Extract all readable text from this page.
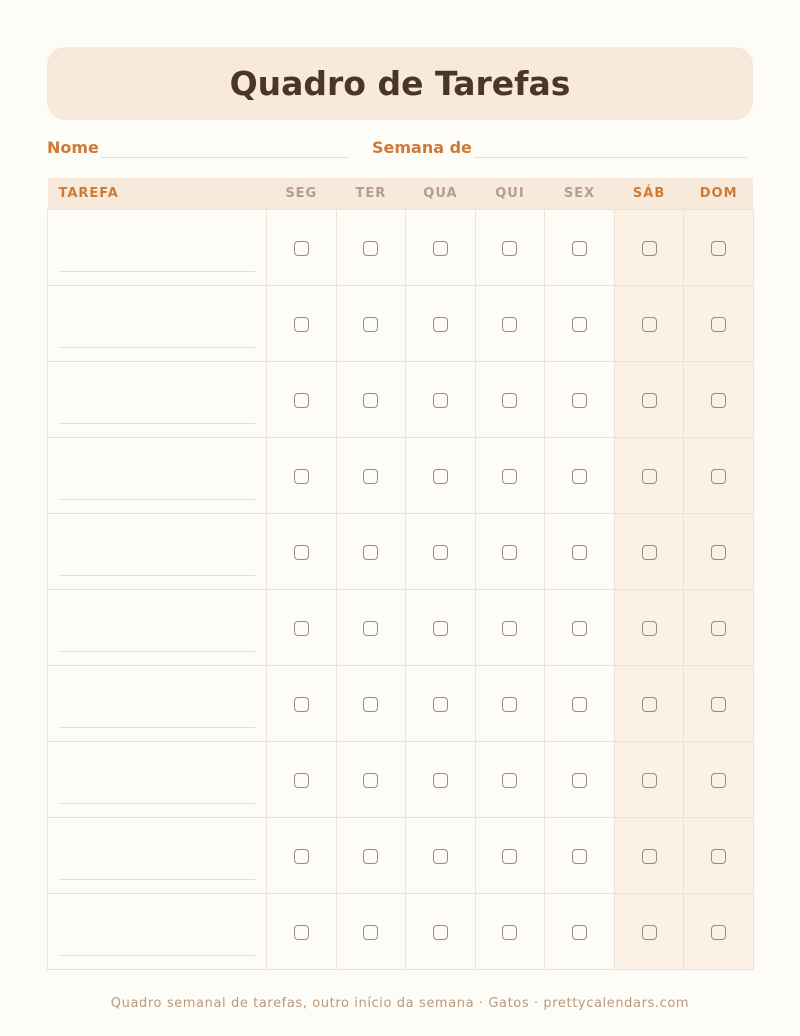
Quadro de Tarefas
Nome	Semana de
TAREFA	SEG	TER	QUA	QUI	SEX	SÁB	DOM

Quadro semanal de tarefas, outro início da semana · Gatos · prettycalendars.com
